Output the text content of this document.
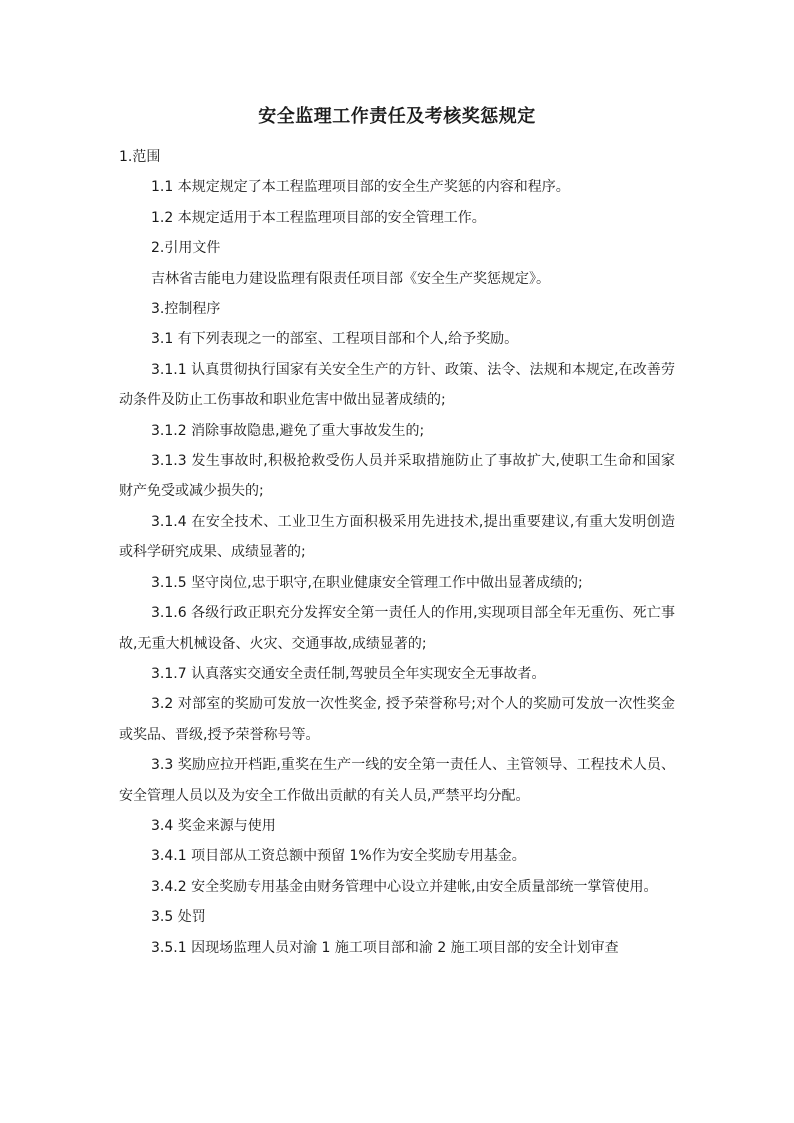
安全监理工作责任及考核奖惩规定

1.范围

1.1 本规定规定了本工程监理项目部的安全生产奖惩的内容和程序。

1.2 本规定适用于本工程监理项目部的安全管理工作。

2.引用文件

吉林省吉能电力建设监理有限责任项目部《安全生产奖惩规定》。

3.控制程序

3.1 有下列表现之一的部室、工程项目部和个人,给予奖励。

3.1.1 认真贯彻执行国家有关安全生产的方针、政策、法令、法规和本规定,在改善劳动条件及防止工伤事故和职业危害中做出显著成绩的;

3.1.2 消除事故隐患,避免了重大事故发生的;

3.1.3 发生事故时,积极抢救受伤人员并采取措施防止了事故扩大,使职工生命和国家财产免受或减少损失的;

3.1.4 在安全技术、工业卫生方面积极采用先进技术,提出重要建议,有重大发明创造或科学研究成果、成绩显著的;

3.1.5 坚守岗位,忠于职守,在职业健康安全管理工作中做出显著成绩的;

3.1.6 各级行政正职充分发挥安全第一责任人的作用,实现项目部全年无重伤、死亡事故,无重大机械设备、火灾、交通事故,成绩显著的;

3.1.7 认真落实交通安全责任制,驾驶员全年实现安全无事故者。

3.2 对部室的奖励可发放一次性奖金, 授予荣誉称号;对个人的奖励可发放一次性奖金或奖品、晋级,授予荣誉称号等。

3.3 奖励应拉开档距,重奖在生产一线的安全第一责任人、主管领导、工程技术人员、安全管理人员以及为安全工作做出贡献的有关人员,严禁平均分配。

3.4 奖金来源与使用

3.4.1 项目部从工资总额中预留 1%作为安全奖励专用基金。

3.4.2 安全奖励专用基金由财务管理中心设立并建帐,由安全质量部统一掌管使用。

3.5 处罚

3.5.1 因现场监理人员对渝 1 施工项目部和渝 2 施工项目部的安全计划审查
